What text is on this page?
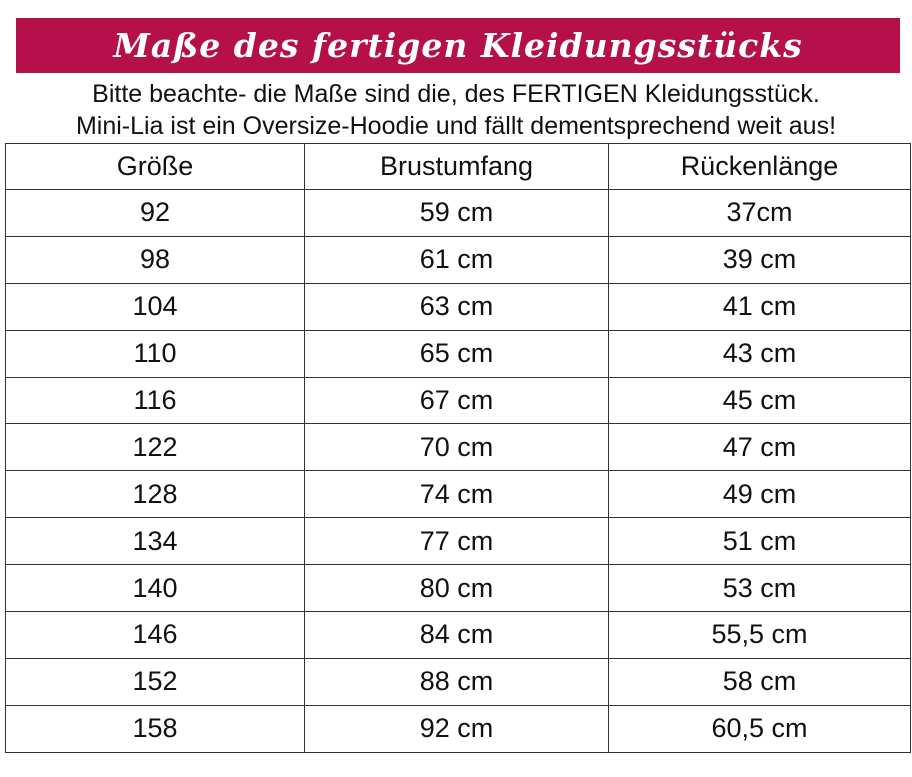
Maße des fertigen Kleidungsstücks
Bitte beachte- die Maße sind die, des FERTIGEN Kleidungsstück.
Mini-Lia ist ein Oversize-Hoodie und fällt dementsprechend weit aus!
Größe	Brustumfang	Rückenlänge
92	59 cm	37cm
98	61 cm	39 cm
104	63 cm	41 cm
110	65 cm	43 cm
116	67 cm	45 cm
122	70 cm	47 cm
128	74 cm	49 cm
134	77 cm	51 cm
140	80 cm	53 cm
146	84 cm	55,5 cm
152	88 cm	58 cm
158	92 cm	60,5 cm
